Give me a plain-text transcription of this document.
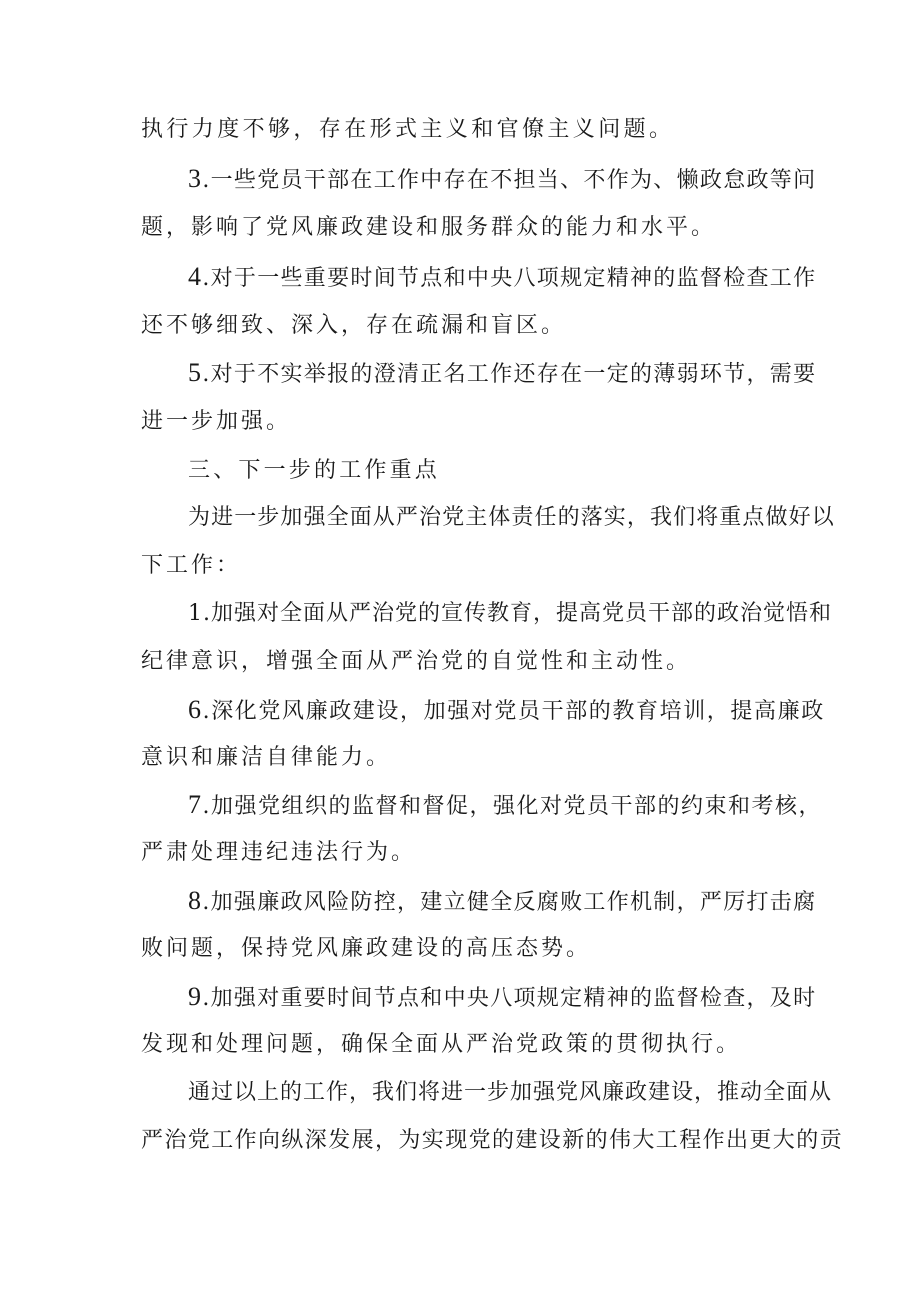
执行力度不够，存在形式主义和官僚主义问题。
3.一些党员干部在工作中存在不担当、不作为、懒政怠政等问
题，影响了党风廉政建设和服务群众的能力和水平。
4.对于一些重要时间节点和中央八项规定精神的监督检查工作
还不够细致、深入，存在疏漏和盲区。
5.对于不实举报的澄清正名工作还存在一定的薄弱环节，需要
进一步加强。
三、下一步的工作重点
为进一步加强全面从严治党主体责任的落实，我们将重点做好以
下工作：
1.加强对全面从严治党的宣传教育，提高党员干部的政治觉悟和
纪律意识，增强全面从严治党的自觉性和主动性。
6.深化党风廉政建设，加强对党员干部的教育培训，提高廉政
意识和廉洁自律能力。
7.加强党组织的监督和督促，强化对党员干部的约束和考核，
严肃处理违纪违法行为。
8.加强廉政风险防控，建立健全反腐败工作机制，严厉打击腐
败问题，保持党风廉政建设的高压态势。
9.加强对重要时间节点和中央八项规定精神的监督检查，及时
发现和处理问题，确保全面从严治党政策的贯彻执行。
通过以上的工作，我们将进一步加强党风廉政建设，推动全面从
严治党工作向纵深发展，为实现党的建设新的伟大工程作出更大的贡
